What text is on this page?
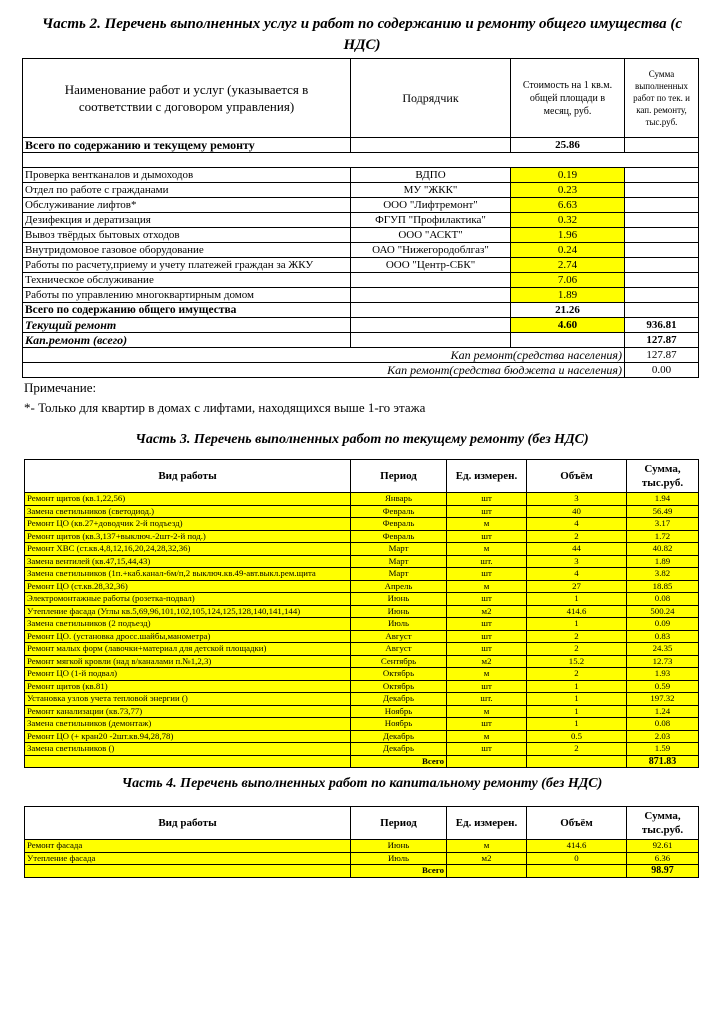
Часть 2. Перечень выполненных услуг и работ по содержанию и ремонту общего имущества (с НДС)
Наименование работ и услуг (указывается в соответствии с договором управления)	Подрядчик	Стоимость на 1 кв.м. общей площади в месяц, руб.	Сумма выполненных работ по тек. и кап. ремонту, тыс.руб.
Всего по содержанию и текущему ремонту		25.86	

Проверка вентканалов и дымоходов	ВДПО	0.19	
Отдел по работе с гражданами	МУ "ЖКК"	0.23	
Обслуживание лифтов*	ООО "Лифтремонт"	6.63	
Дезифекция и дератизация	ФГУП "Профилактика"	0.32	
Вывоз твёрдых бытовых отходов	ООО "АСКТ"	1.96	
Внутридомовое газовое оборудование	ОАО "Нижегородоблгаз"	0.24	
Работы по расчету,приему и учету платежей граждан за ЖКУ	ООО "Центр-СБК"	2.74	
Техническое обслуживание		7.06	
Работы по управлению многоквартирным домом		1.89	
Всего по содержанию общего имущества		21.26	
Текущий ремонт		4.60	936.81
Кап.ремонт (всего)			127.87
Кап ремонт(средства населения)			127.87
Кап ремонт(средства бюджета и населения)			0.00
Примечание:
*- Только для квартир в домах с лифтами, находящихся выше 1-го этажа
Часть 3. Перечень выполненных работ по текущему ремонту (без НДС)
Вид работы	Период	Ед. измерен.	Объём	Сумма, тыс.руб.
Ремонт щитов (кв.1,22,56)	Январь	шт	3	1.94
Замена светильников (светодиод.)	Февраль	шт	40	56.49
Ремонт ЦО (кв.27+доводчик 2-й подъезд)	Февраль	м	4	3.17
Ремонт щитов (кв.3,137+выключ.-2шт-2-й под.)	Февраль	шт	2	1.72
Ремонт ХВС (ст.кв.4,8,12,16,20,24,28,32,36)	Март	м	44	40.82
Замена вентилей (кв.47,15,44,43)	Март	шт.	3	1.89
Замена светильников (1п.+каб.канал-6м/п,2 выключ.кв.49-авт.выкл.рем.щита	Март	шт	4	3.82
Ремонт ЦО (ст.кв.28,32,36)	Апрель	м	27	18.85
Электромонтажные работы (розетка-подвал)	Июнь	шт	1	0.08
Утепление фасада (Углы кв.5,69,96,101,102,105,124,125,128,140,141,144)	Июнь	м2	414.6	500.24
Замена светильников (2 подъезд)	Июль	шт	1	0.09
Ремонт ЦО. (установка дросс.шайбы,манометра)	Август	шт	2	0.83
Ремонт малых форм (лавочки+материал для детской площадки)	Август	шт	2	24.35
Ремонт мягкой кровли (над в/каналами п.№1,2,3)	Сентябрь	м2	15.2	12.73
Ремонт ЦО (1-й подвал)	Октябрь	м	2	1.93
Ремонт щитов (кв.81)	Октябрь	шт	1	0.59
Установка узлов учета тепловой энергии ()	Декабрь	шт.	1	197.32
Ремонт канализации (кв.73,77)	Ноябрь	м	1	1.24
Замена светильников (демонтаж)	Ноябрь	шт	1	0.08
Ремонт ЦО (+ кран20 -2шт.кв.94,28,78)	Декабрь	м	0.5	2.03
Замена светильников ()	Декабрь	шт	2	1.59
	Всего			871.83
Часть 4. Перечень выполненных работ по капитальному ремонту (без НДС)
Вид работы	Период	Ед. измерен.	Объём	Сумма, тыс.руб.
Ремонт фасада	Июнь	м	414.6	92.61
Утепление фасада	Июль	м2	0	6.36
	Всего			98.97
